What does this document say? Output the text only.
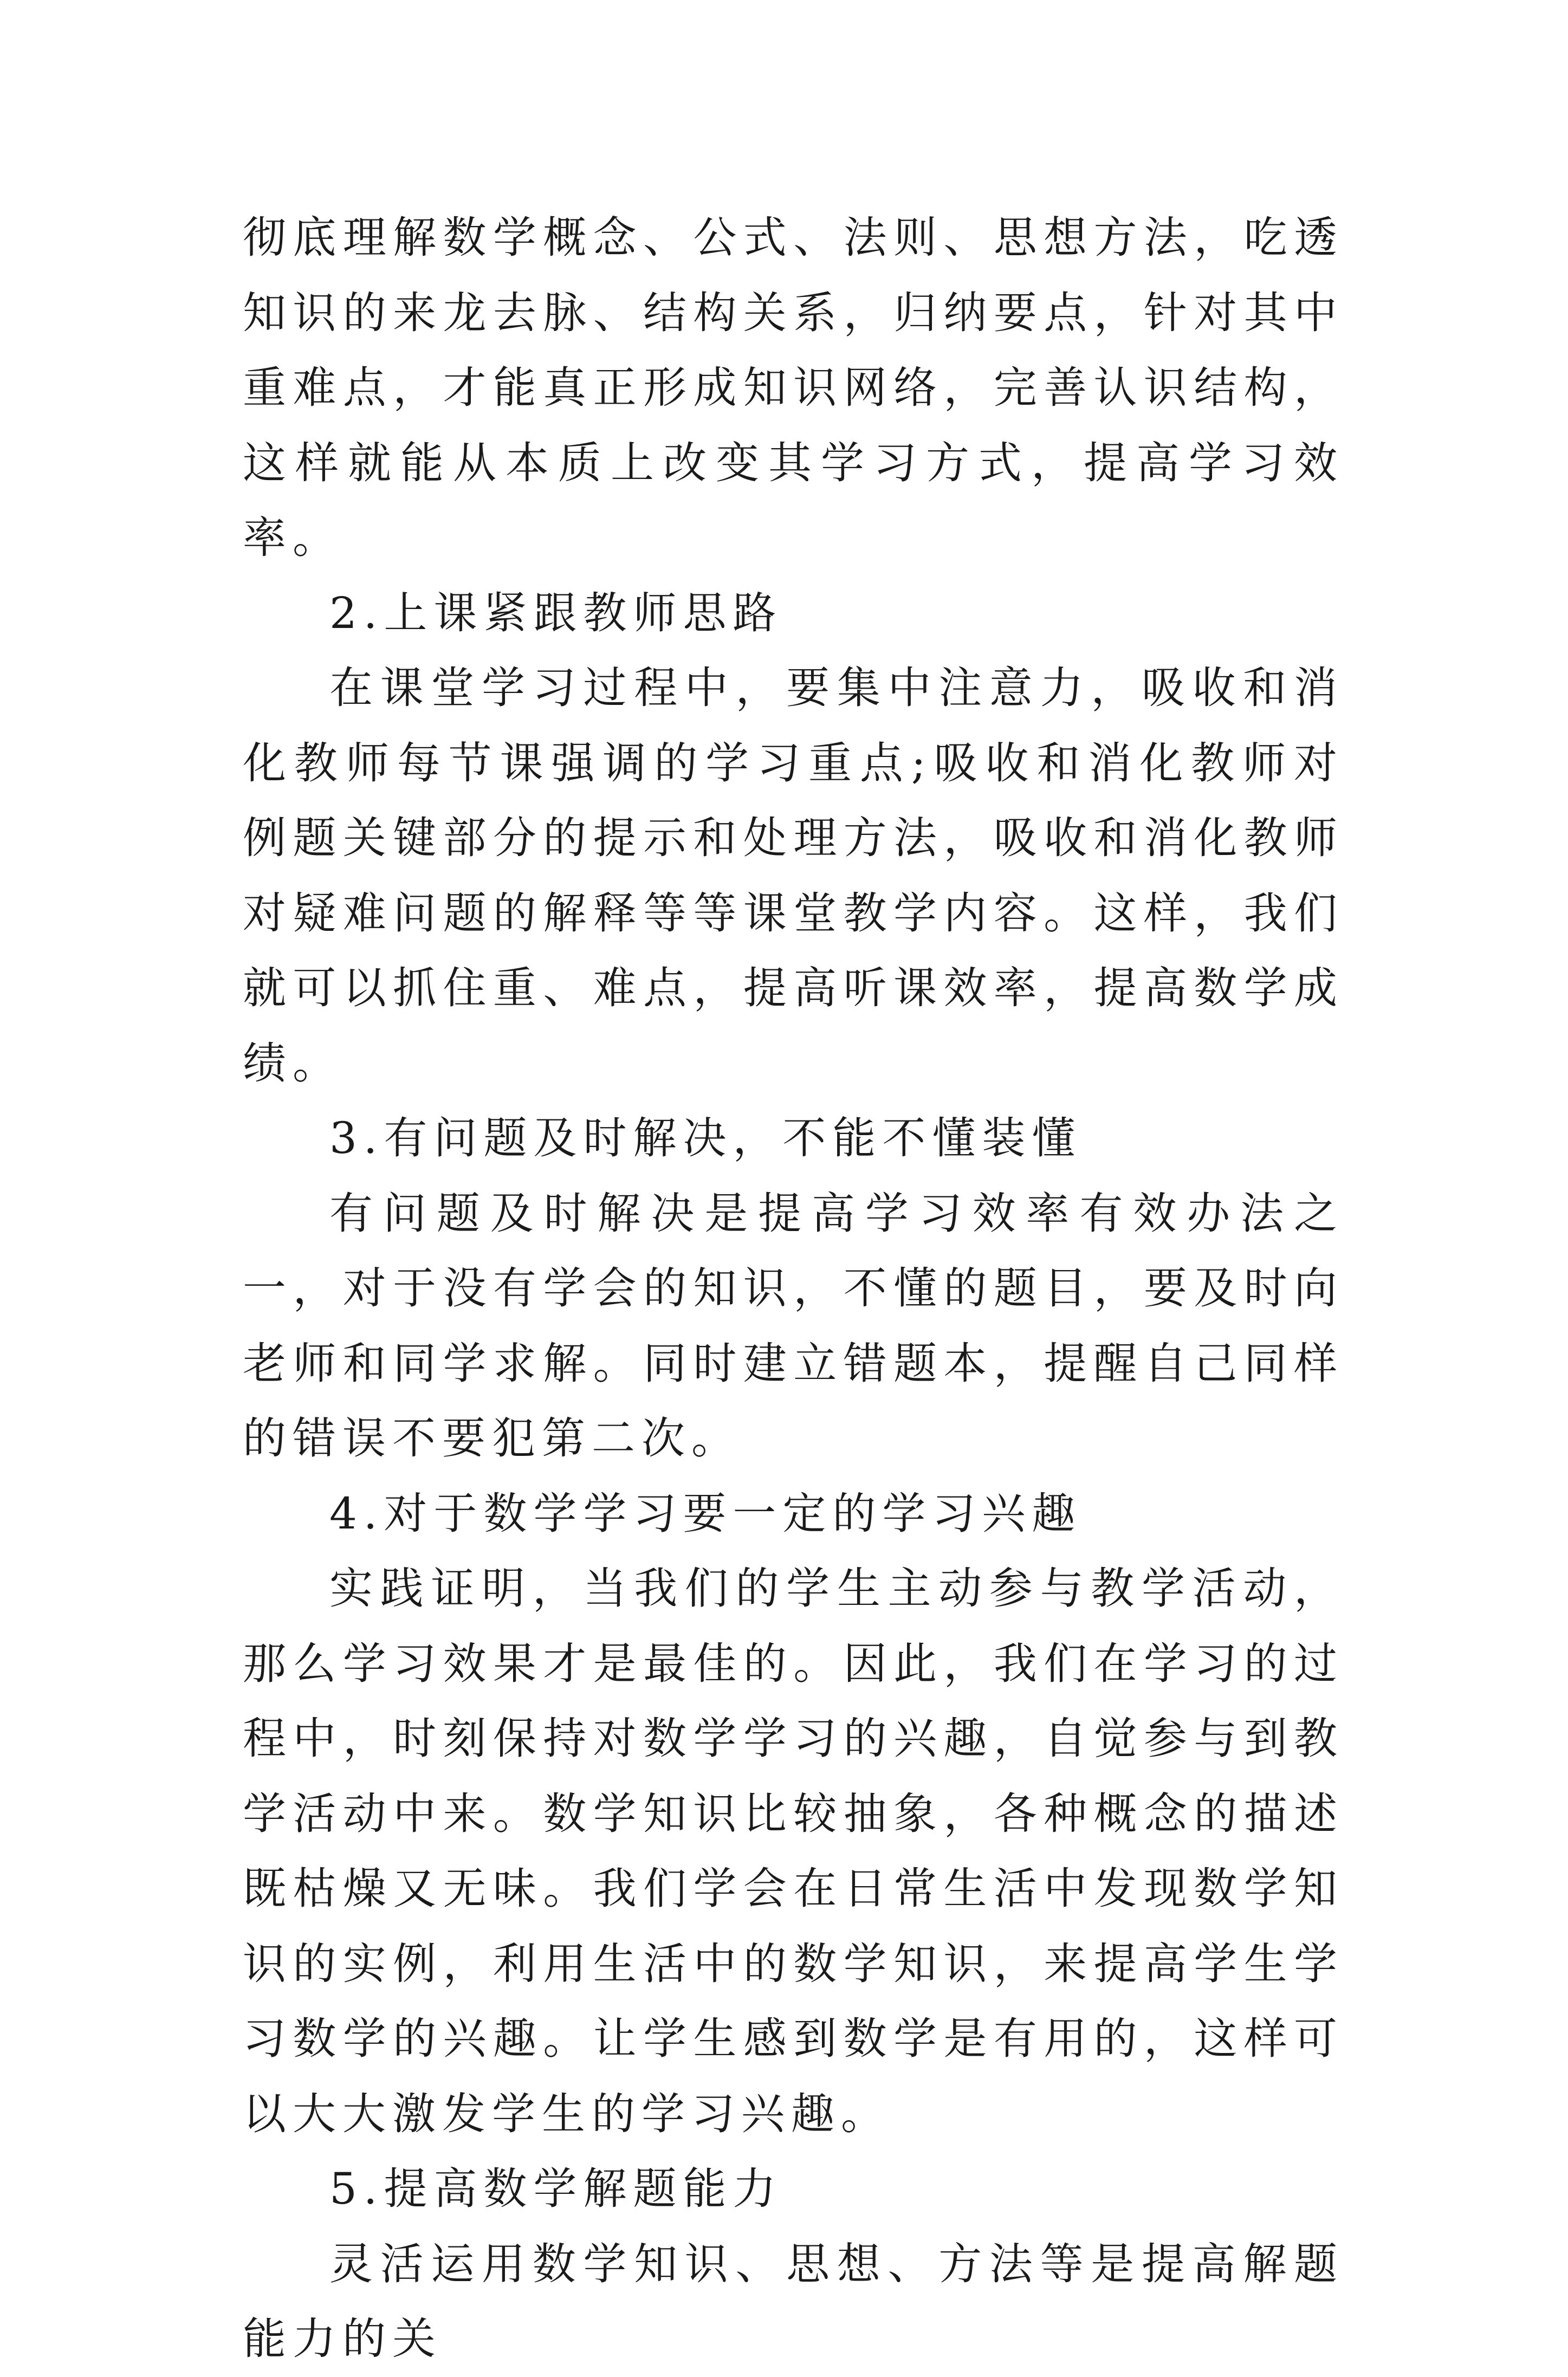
彻底理解数学概念、公式、法则、思想方法，吃透知识的来龙去脉、结构关系，归纳要点，针对其中重难点，才能真正形成知识网络，完善认识结构，这样就能从本质上改变其学习方式，提高学习效率。

2.上课紧跟教师思路

在课堂学习过程中，要集中注意力，吸收和消化教师每节课强调的学习重点;吸收和消化教师对例题关键部分的提示和处理方法，吸收和消化教师对疑难问题的解释等等课堂教学内容。这样，我们就可以抓住重、难点，提高听课效率，提高数学成绩。

3.有问题及时解决，不能不懂装懂

有问题及时解决是提高学习效率有效办法之一，对于没有学会的知识，不懂的题目，要及时向老师和同学求解。同时建立错题本，提醒自己同样的错误不要犯第二次。

4.对于数学学习要一定的学习兴趣

实践证明，当我们的学生主动参与教学活动，那么学习效果才是最佳的。因此，我们在学习的过程中，时刻保持对数学学习的兴趣，自觉参与到教学活动中来。数学知识比较抽象，各种概念的描述既枯燥又无味。我们学会在日常生活中发现数学知识的实例，利用生活中的数学知识，来提高学生学习数学的兴趣。让学生感到数学是有用的，这样可以大大激发学生的学习兴趣。

5.提高数学解题能力

灵活运用数学知识、思想、方法等是提高解题能力的关
